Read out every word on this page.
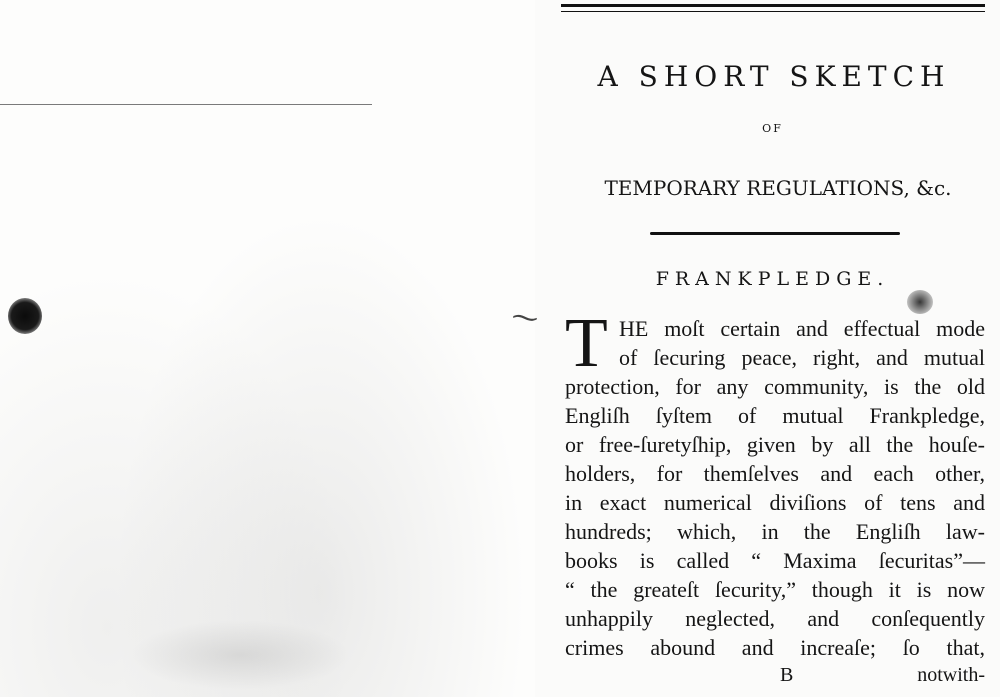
⁓
A SHORT SKETCH
OF
TEMPORARY REGULATIONS, &c.
FRANKPLEDGE.
T HE moſt certain and effectual mode
of ſecuring peace, right, and mutual
protection, for any community, is the old
Engliſh ſyſtem of mutual Frankpledge,
or free-ſuretyſhip, given by all the houſe-
holders, for themſelves and each other,
in exact numerical diviſions of tens and
hundreds; which, in the Engliſh law-
books is called “ Maxima ſecuritas”—
“ the greateſt ſecurity,” though it is now
unhappily neglected, and conſequently
crimes abound and increaſe; ſo that,
B	notwith-
